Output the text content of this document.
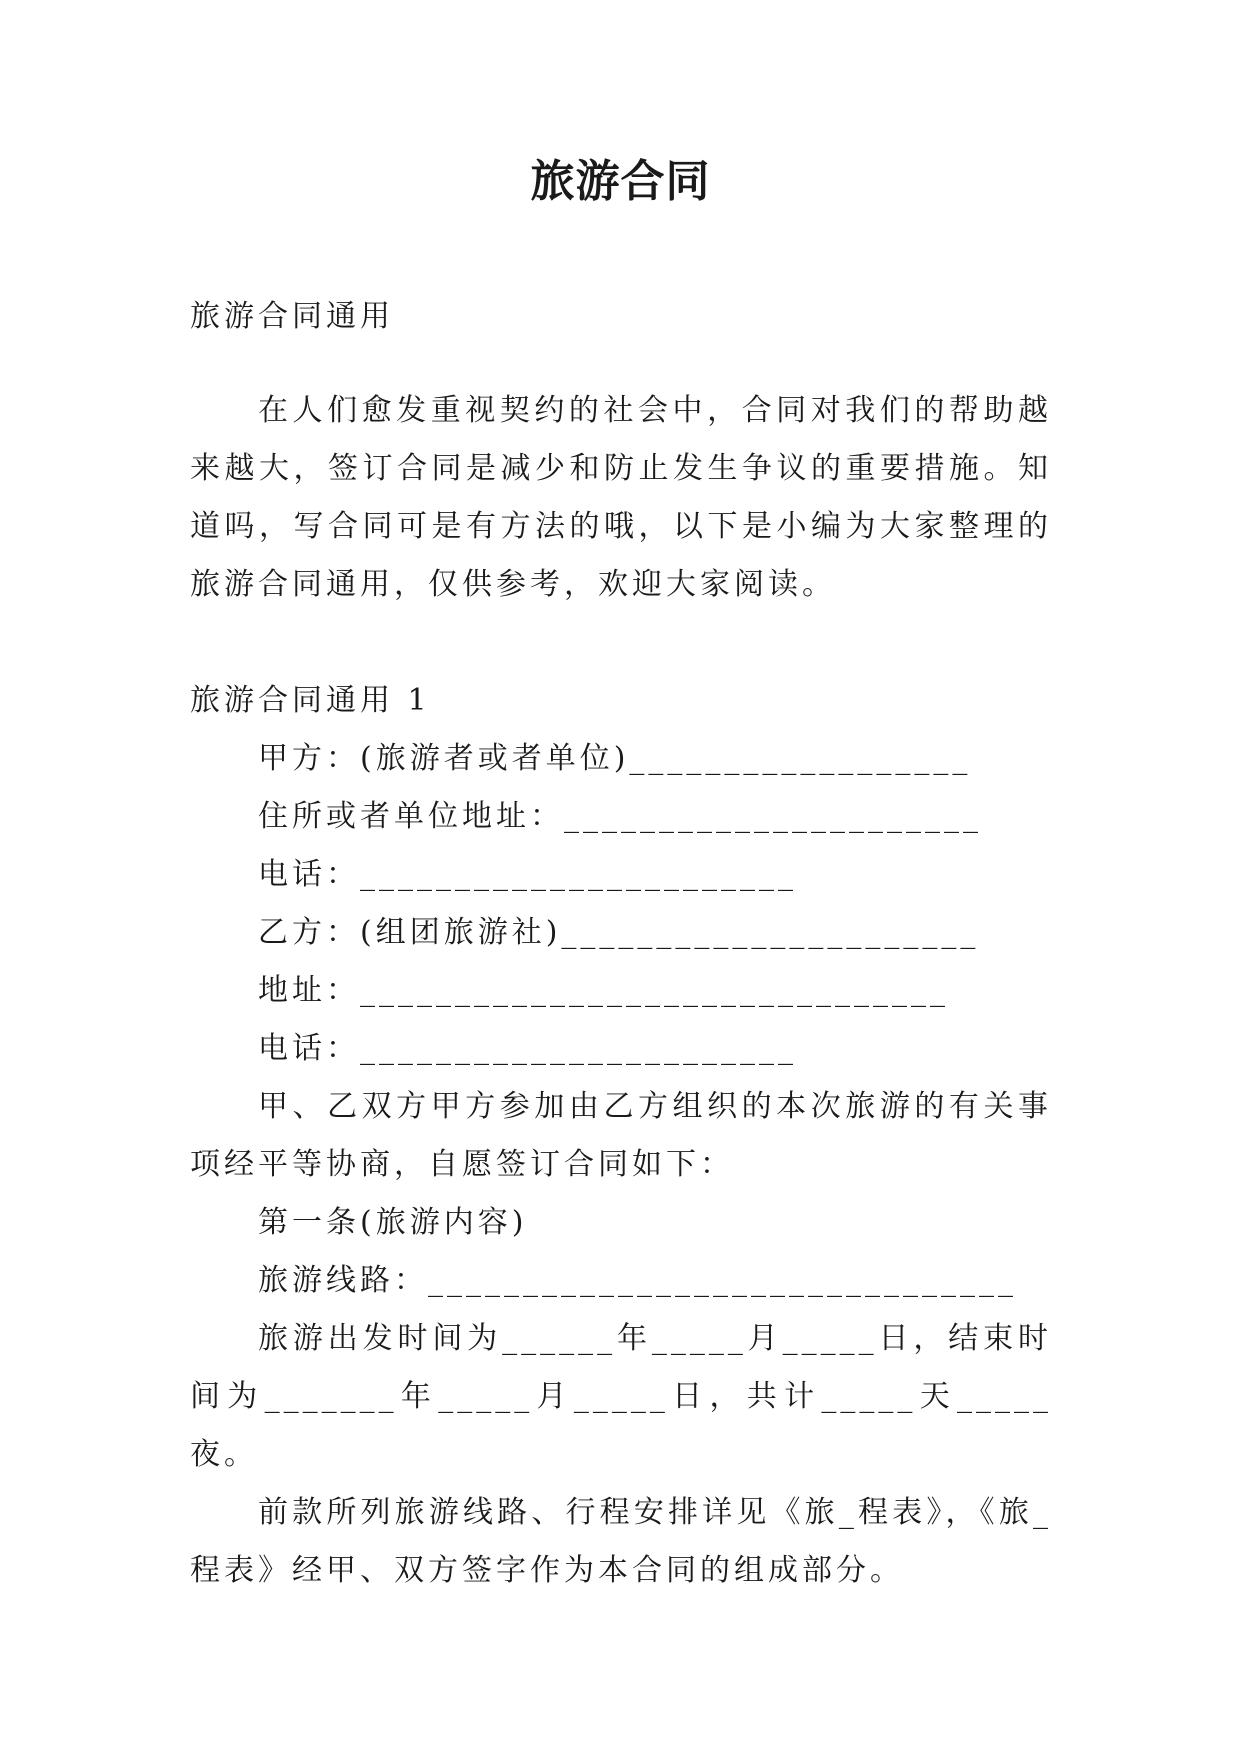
旅游合同

旅游合同通用

在人们愈发重视契约的社会中，合同对我们的帮助越来越大，签订合同是减少和防止发生争议的重要措施。知道吗，写合同可是有方法的哦，以下是小编为大家整理的旅游合同通用，仅供参考，欢迎大家阅读。

旅游合同通用 1

甲方：(旅游者或者单位)__________________

住所或者单位地址：______________________

电话：_______________________

乙方：(组团旅游社)______________________

地址：_______________________________

电话：_______________________

甲、乙双方甲方参加由乙方组织的本次旅游的有关事项经平等协商，自愿签订合同如下：

第一条(旅游内容)

旅游线路：_______________________________

旅游出发时间为______年_____月_____日，结束时间为_______年_____月_____日，共计_____天_____夜。

前款所列旅游线路、行程安排详见《旅_程表》，《旅_程表》经甲、双方签字作为本合同的组成部分。
